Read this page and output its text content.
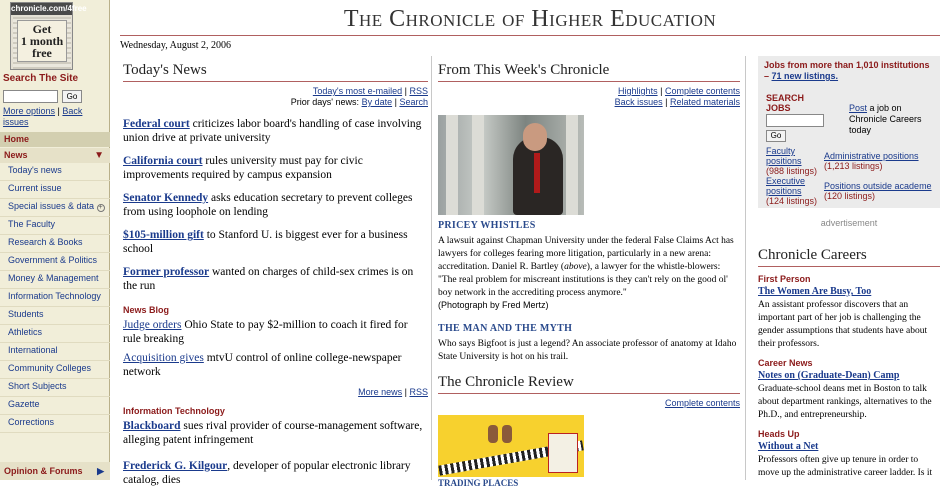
chronicle.com/4free
Get
1 month
free
Search The Site
Go
More options | Back issues
Home
News	▼
Today's news
Current issue
Special issues & data +
The Faculty
Research & Books
Government & Politics
Money & Management
Information Technology
Students
Athletics
International
Community Colleges
Short Subjects
Gazette
Corrections
Opinion & Forums ▶
The Chronicle of Higher Education
Wednesday, August 2, 2006
Today's News
Today's most e-mailed | RSS
Prior days' news: By date | Search
Federal court criticizes labor board's handling of case involving union drive at private university
California court rules university must pay for civic improvements required by campus expansion
Senator Kennedy asks education secretary to prevent colleges from using loophole on lending
$105-million gift to Stanford U. is biggest ever for a business school
Former professor wanted on charges of child-sex crimes is on the run
News Blog
Judge orders Ohio State to pay $2-million to coach it fired for rule breaking
Acquisition gives mtvU control of online college-newspaper network
More news | RSS
Information Technology
Blackboard sues rival provider of course-management software, alleging patent infringement
Frederick G. Kilgour, developer of popular electronic library catalog, dies
From This Week's Chronicle
Highlights | Complete contents
Back issues | Related materials
PRICEY WHISTLES
A lawsuit against Chapman University under the federal False Claims Act has lawyers for colleges fearing more litigation, particularly in a new arena: accreditation. Daniel R. Bartley (above), a lawyer for the whistle-blowers: "The real problem for miscreant institutions is they can't rely on the good ol' boy network in the accrediting process anymore."
(Photograph by Fred Mertz)
THE MAN AND THE MYTH
Who says Bigfoot is just a legend? An associate professor of anatomy at Idaho State University is hot on his trail.
The Chronicle Review
Complete contents
TRADING PLACES
Jobs from more than 1,010 institutions – 71 new listings.
SEARCH JOBS
Go
Post a job on Chronicle Careers today
Faculty positions
(988 listings)
Administrative positions
(1,213 listings)
Executive positions
(124 listings)
Positions outside academe
(120 listings)
advertisement
Chronicle Careers
First Person
The Women Are Busy, Too
An assistant professor discovers that an important part of her job is challenging the gender assumptions that students have about their professors.
Career News
Notes on (Graduate-Dean) Camp
Graduate-school deans met in Boston to talk about department rankings, alternatives to the Ph.D., and entrepreneurship.
Heads Up
Without a Net
Professors often give up tenure in order to move up the administrative career ladder. Is it
